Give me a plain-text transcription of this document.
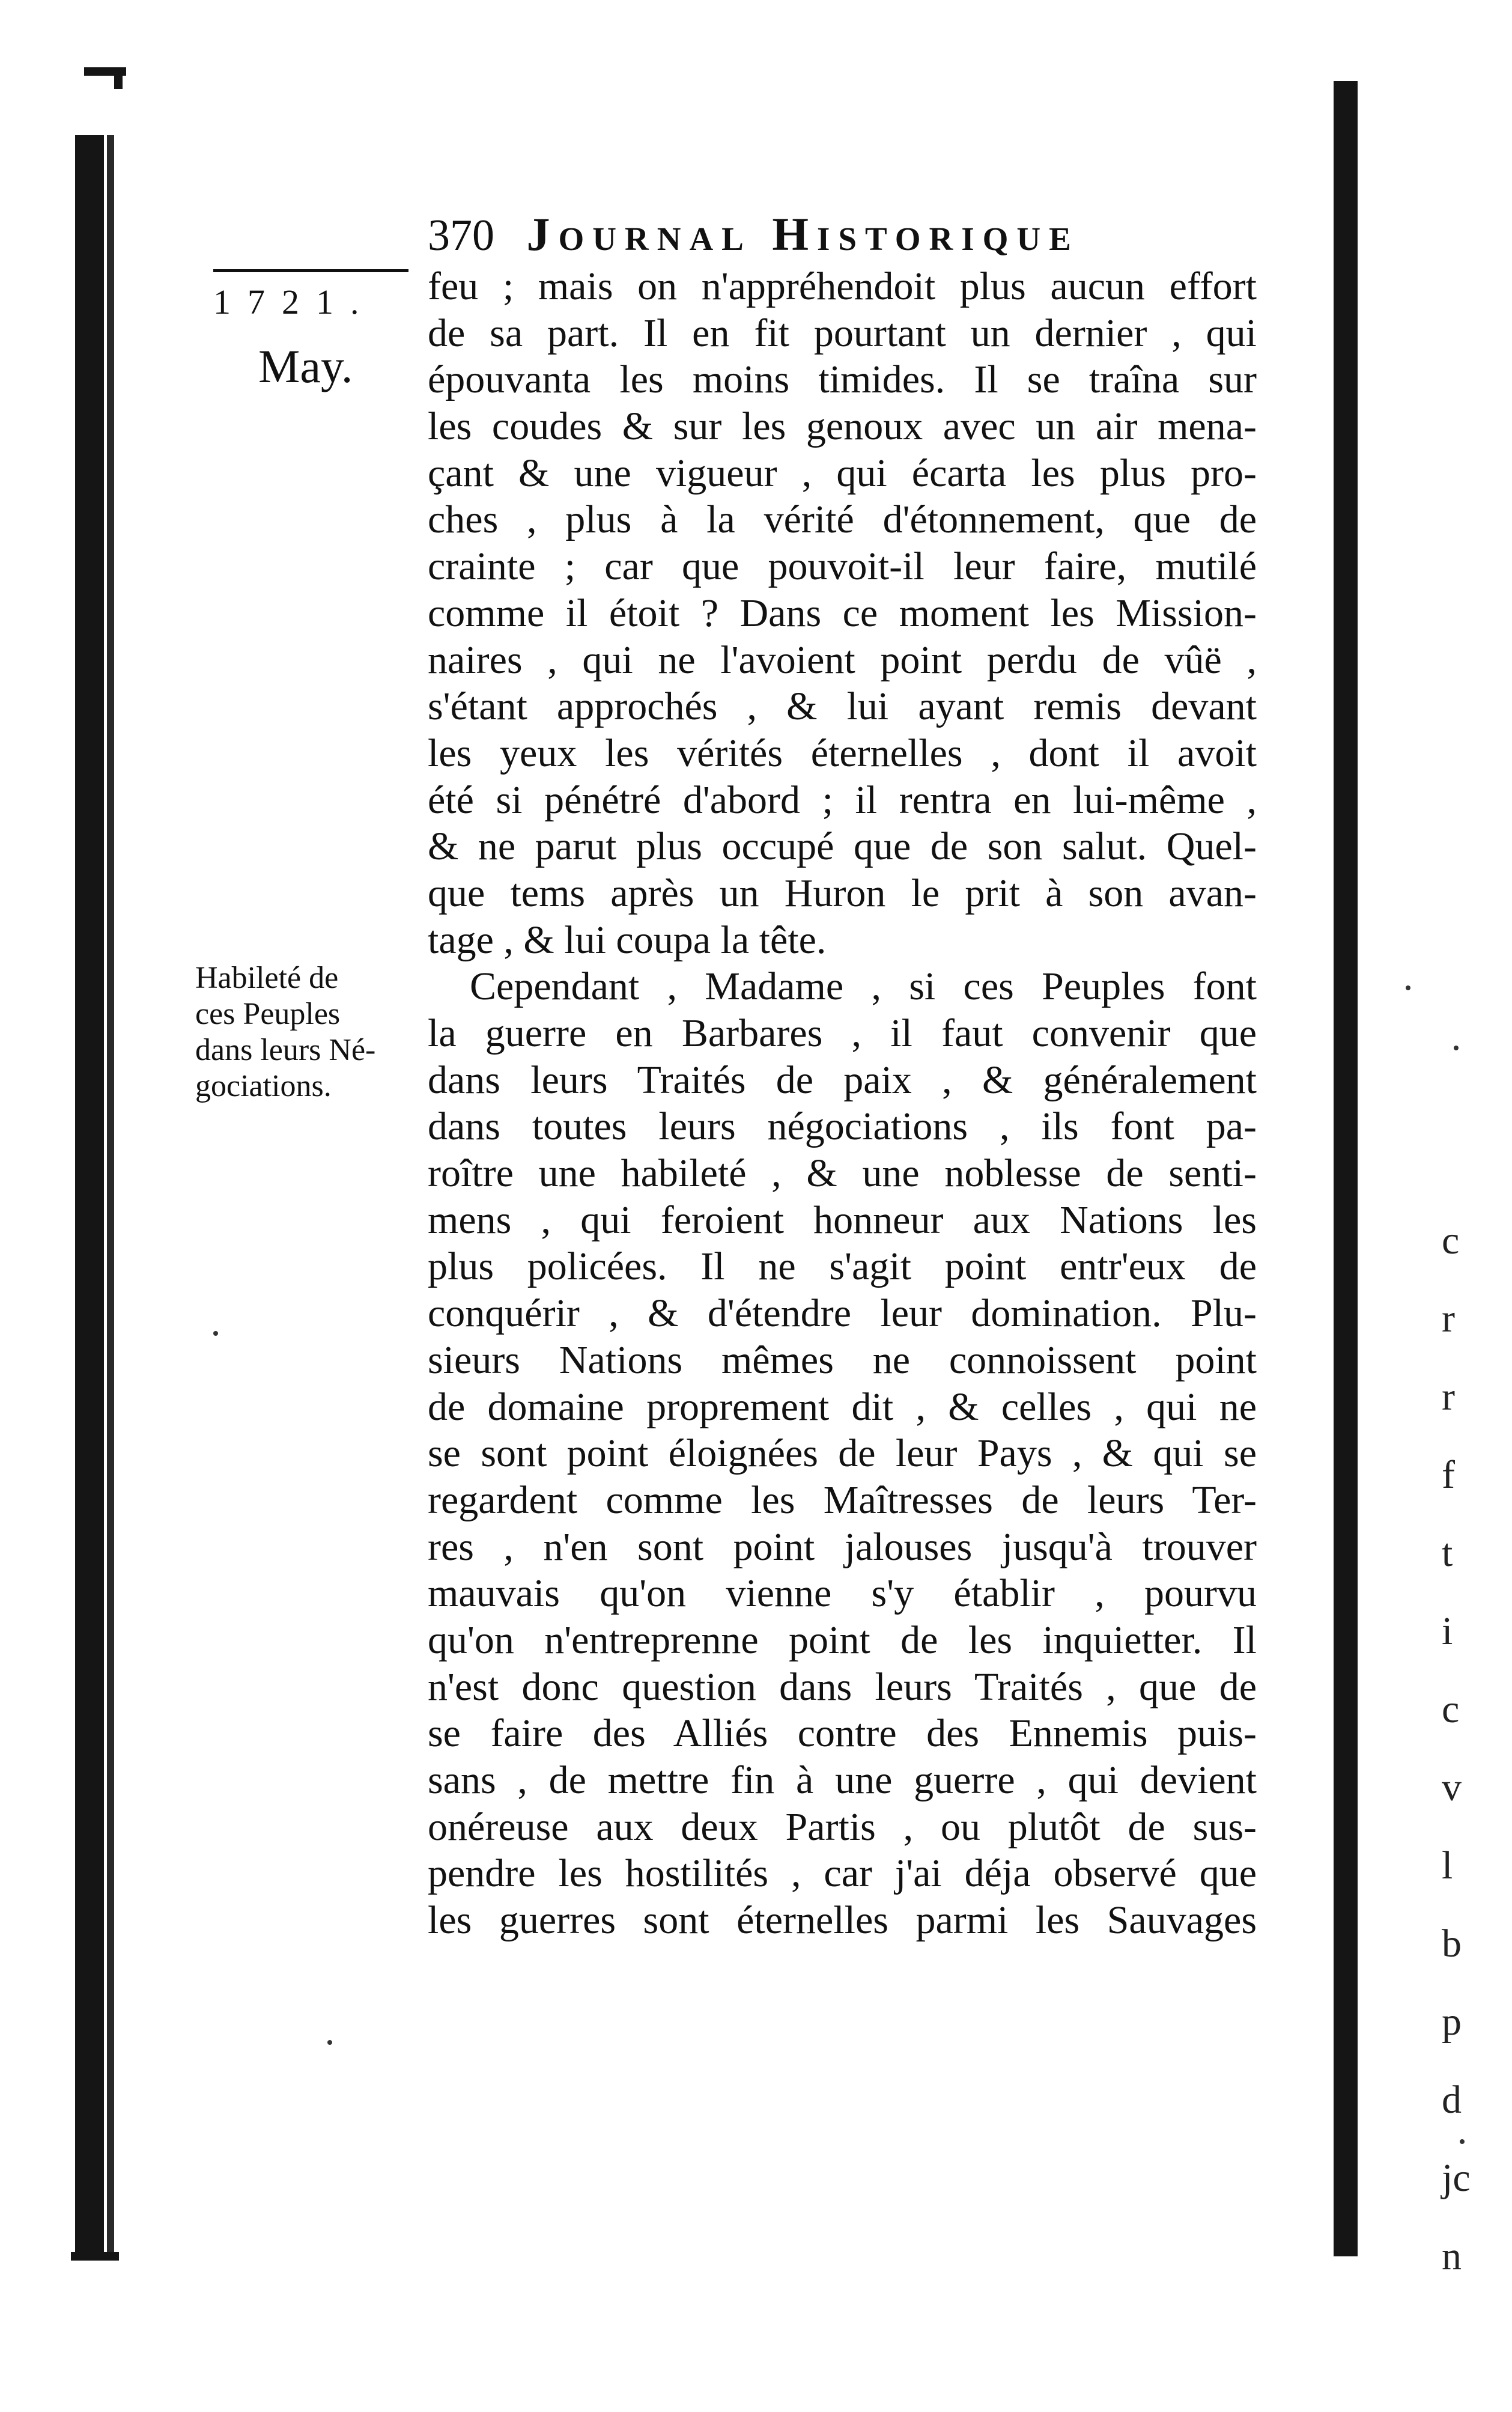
370 Journal Historique
1721.
May.
Habileté de
ces Peuples
dans leurs Né-
gociations.
feu ; mais on n'appréhendoit plus aucun effort
de sa part. Il en fit pourtant un dernier , qui
épouvanta les moins timides. Il se traîna sur
les coudes & sur les genoux avec un air mena-
çant & une vigueur , qui écarta les plus pro-
ches , plus à la vérité d'étonnement, que de
crainte ; car que pouvoit-il leur faire, mutilé
comme il étoit ? Dans ce moment les Mission-
naires , qui ne l'avoient point perdu de vûë ,
s'étant approchés , & lui ayant remis devant
les yeux les vérités éternelles , dont il avoit
été si pénétré d'abord ; il rentra en lui-même ,
& ne parut plus occupé que de son salut. Quel-
que tems après un Huron le prit à son avan-
tage , & lui coupa la tête.
Cependant , Madame , si ces Peuples font
la guerre en Barbares , il faut convenir que
dans leurs Traités de paix , & généralement
dans toutes leurs négociations , ils font pa-
roître une habileté , & une noblesse de senti-
mens , qui feroient honneur aux Nations les
plus policées. Il ne s'agit point entr'eux de
conquérir , & d'étendre leur domination. Plu-
sieurs Nations mêmes ne connoissent point
de domaine proprement dit , & celles , qui ne
se sont point éloignées de leur Pays , & qui se
regardent comme les Maîtresses de leurs Ter-
res , n'en sont point jalouses jusqu'à trouver
mauvais qu'on vienne s'y établir , pourvu
qu'on n'entreprenne point de les inquietter. Il
n'est donc question dans leurs Traités , que de
se faire des Alliés contre des Ennemis puis-
sans , de mettre fin à une guerre , qui devient
onéreuse aux deux Partis , ou plutôt de sus-
pendre les hostilités , car j'ai déja observé que
les guerres sont éternelles parmi les Sauvages
c
r
r
f
t
i
c
v
l
b
p
d
jc
n
